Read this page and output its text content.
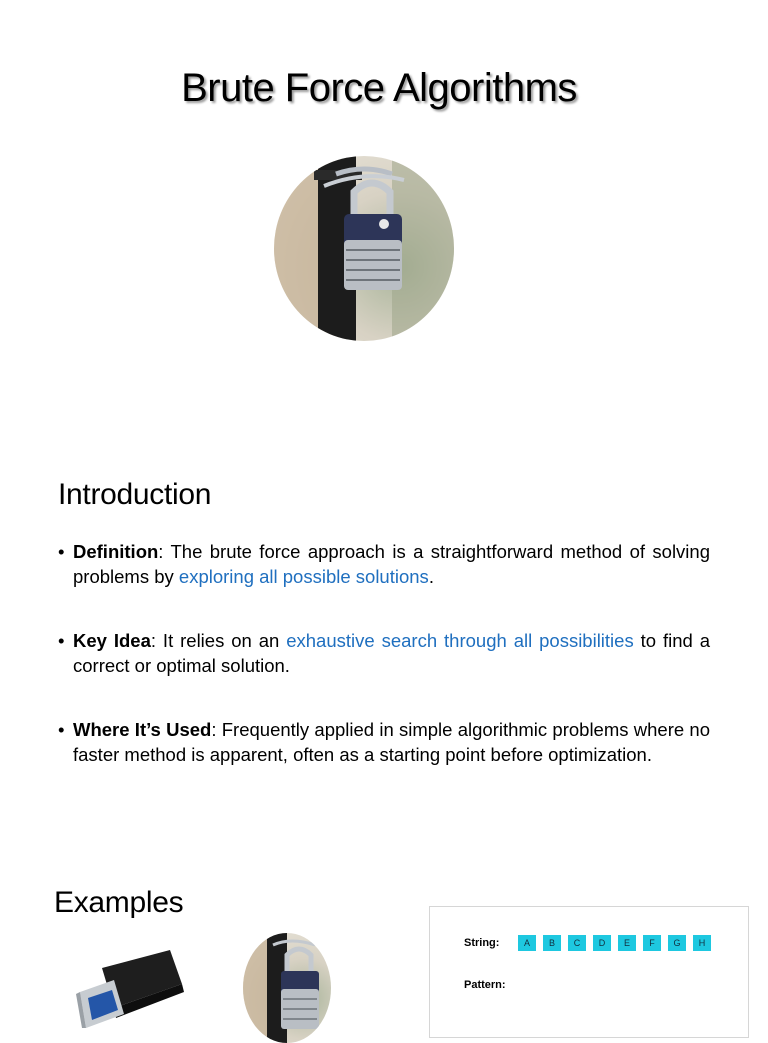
Brute Force Algorithms
Introduction
• Definition: The brute force approach is a straightforward method of solving problems by exploring all possible solutions.
• Key Idea: It relies on an exhaustive search through all possibilities to find a correct or optimal solution.
• Where It’s Used: Frequently applied in simple algorithmic problems where no faster method is apparent, often as a starting point before optimization.
Examples
String:	A	B	C	D	E	F	G	H
Pattern:
